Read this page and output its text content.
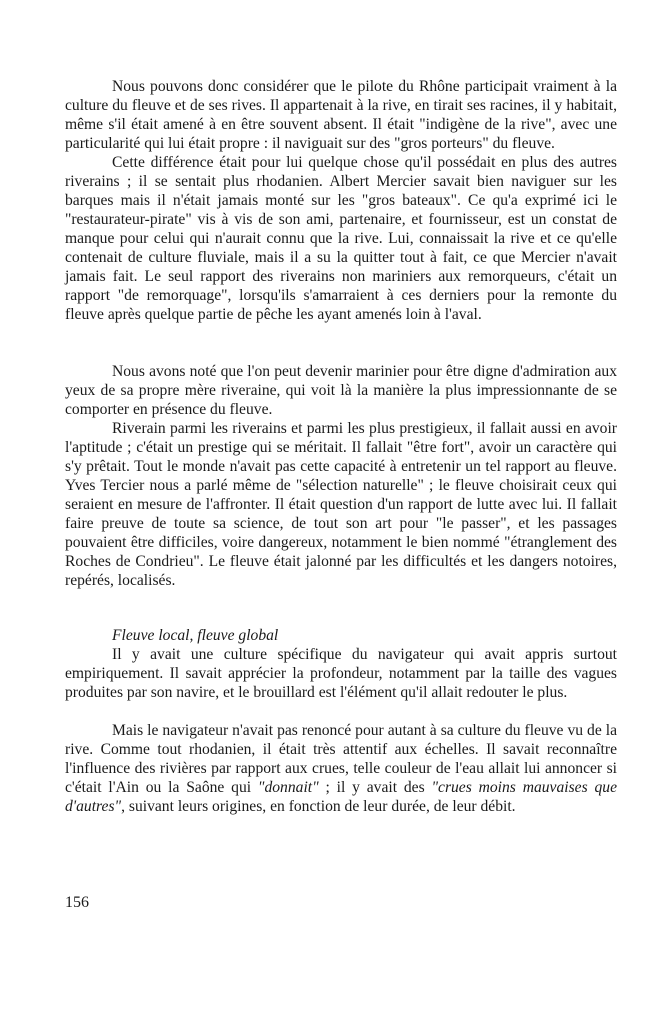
Nous pouvons donc considérer que le pilote du Rhône participait vraiment à la culture du fleuve et de ses rives. Il appartenait à la rive, en tirait ses racines, il y habitait, même s'il était amené à en être souvent absent. Il était "indigène de la rive", avec une particularité qui lui était propre : il naviguait sur des "gros porteurs" du fleuve.

Cette différence était pour lui quelque chose qu'il possédait en plus des autres riverains ; il se sentait plus rhodanien. Albert Mercier savait bien naviguer sur les barques mais il n'était jamais monté sur les "gros bateaux". Ce qu'a exprimé ici le "restaurateur-pirate" vis à vis de son ami, partenaire, et fournisseur, est un constat de manque pour celui qui n'aurait connu que la rive. Lui, connaissait la rive et ce qu'elle contenait de culture fluviale, mais il a su la quitter tout à fait, ce que Mercier n'avait jamais fait. Le seul rapport des riverains non mariniers aux remorqueurs, c'était un rapport "de remorquage", lorsqu'ils s'amarraient à ces derniers pour la remonte du fleuve après quelque partie de pêche les ayant amenés loin à l'aval.

Nous avons noté que l'on peut devenir marinier pour être digne d'admiration aux yeux de sa propre mère riveraine, qui voit là la manière la plus impressionnante de se comporter en présence du fleuve.

Riverain parmi les riverains et parmi les plus prestigieux, il fallait aussi en avoir l'aptitude ; c'était un prestige qui se méritait. Il fallait "être fort", avoir un caractère qui s'y prêtait. Tout le monde n'avait pas cette capacité à entretenir un tel rapport au fleuve. Yves Tercier nous a parlé même de "sélection naturelle" ; le fleuve choisirait ceux qui seraient en mesure de l'affronter. Il était question d'un rapport de lutte avec lui. Il fallait faire preuve de toute sa science, de tout son art pour "le passer", et les passages pouvaient être difficiles, voire dangereux, notamment le bien nommé "étranglement des Roches de Condrieu". Le fleuve était jalonné par les difficultés et les dangers notoires, repérés, localisés.

Fleuve local, fleuve global

Il y avait une culture spécifique du navigateur qui avait appris surtout empiriquement. Il savait apprécier la profondeur, notamment par la taille des vagues produites par son navire, et le brouillard est l'élément qu'il allait redouter le plus.

Mais le navigateur n'avait pas renoncé pour autant à sa culture du fleuve vu de la rive. Comme tout rhodanien, il était très attentif aux échelles. Il savait reconnaître l'influence des rivières par rapport aux crues, telle couleur de l'eau allait lui annoncer si c'était l'Ain ou la Saône qui "donnait" ; il y avait des "crues moins mauvaises que d'autres", suivant leurs origines, en fonction de leur durée, de leur débit.

156
